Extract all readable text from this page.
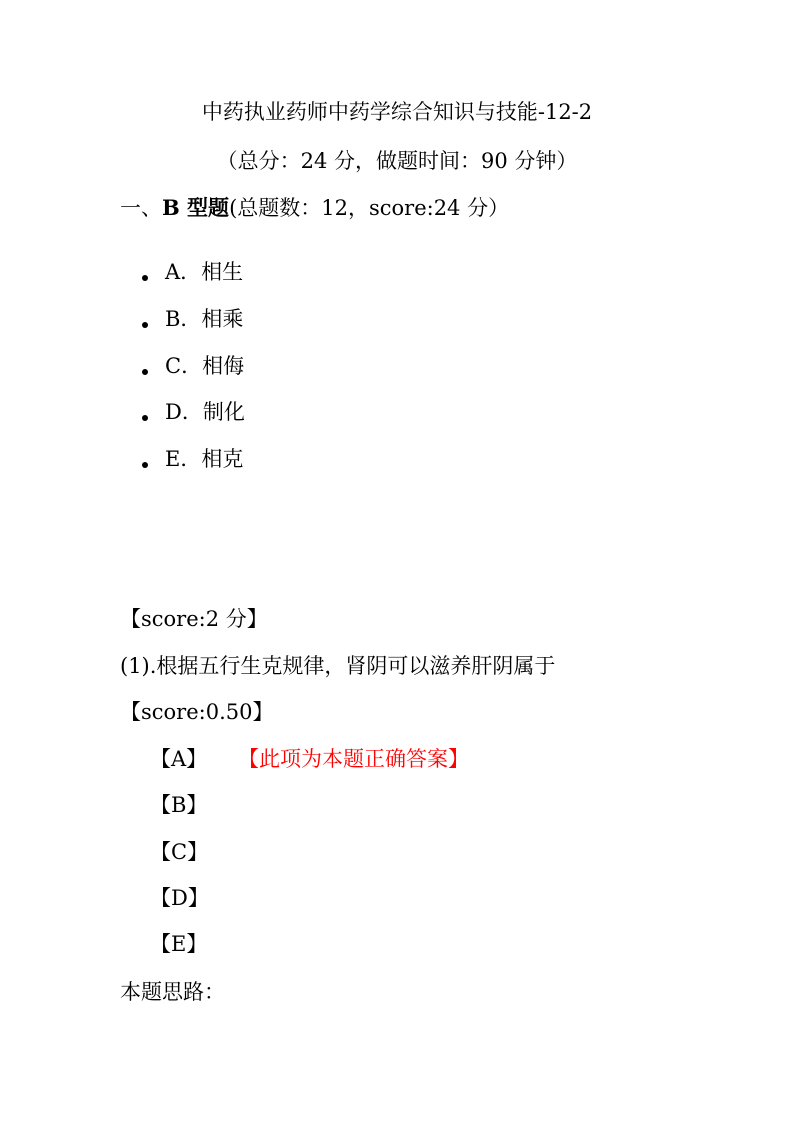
中药执业药师中药学综合知识与技能-12-2
（总分：24 分，做题时间：90 分钟）
一、B 型题(总题数：12，score:24 分）
A．相生
B．相乘
C．相侮
D．制化
E．相克
【score:2 分】
(1).根据五行生克规律，肾阴可以滋养肝阴属于
【score:0.50】
【A】 【此项为本题正确答案】
【B】
【C】
【D】
【E】
本题思路：
